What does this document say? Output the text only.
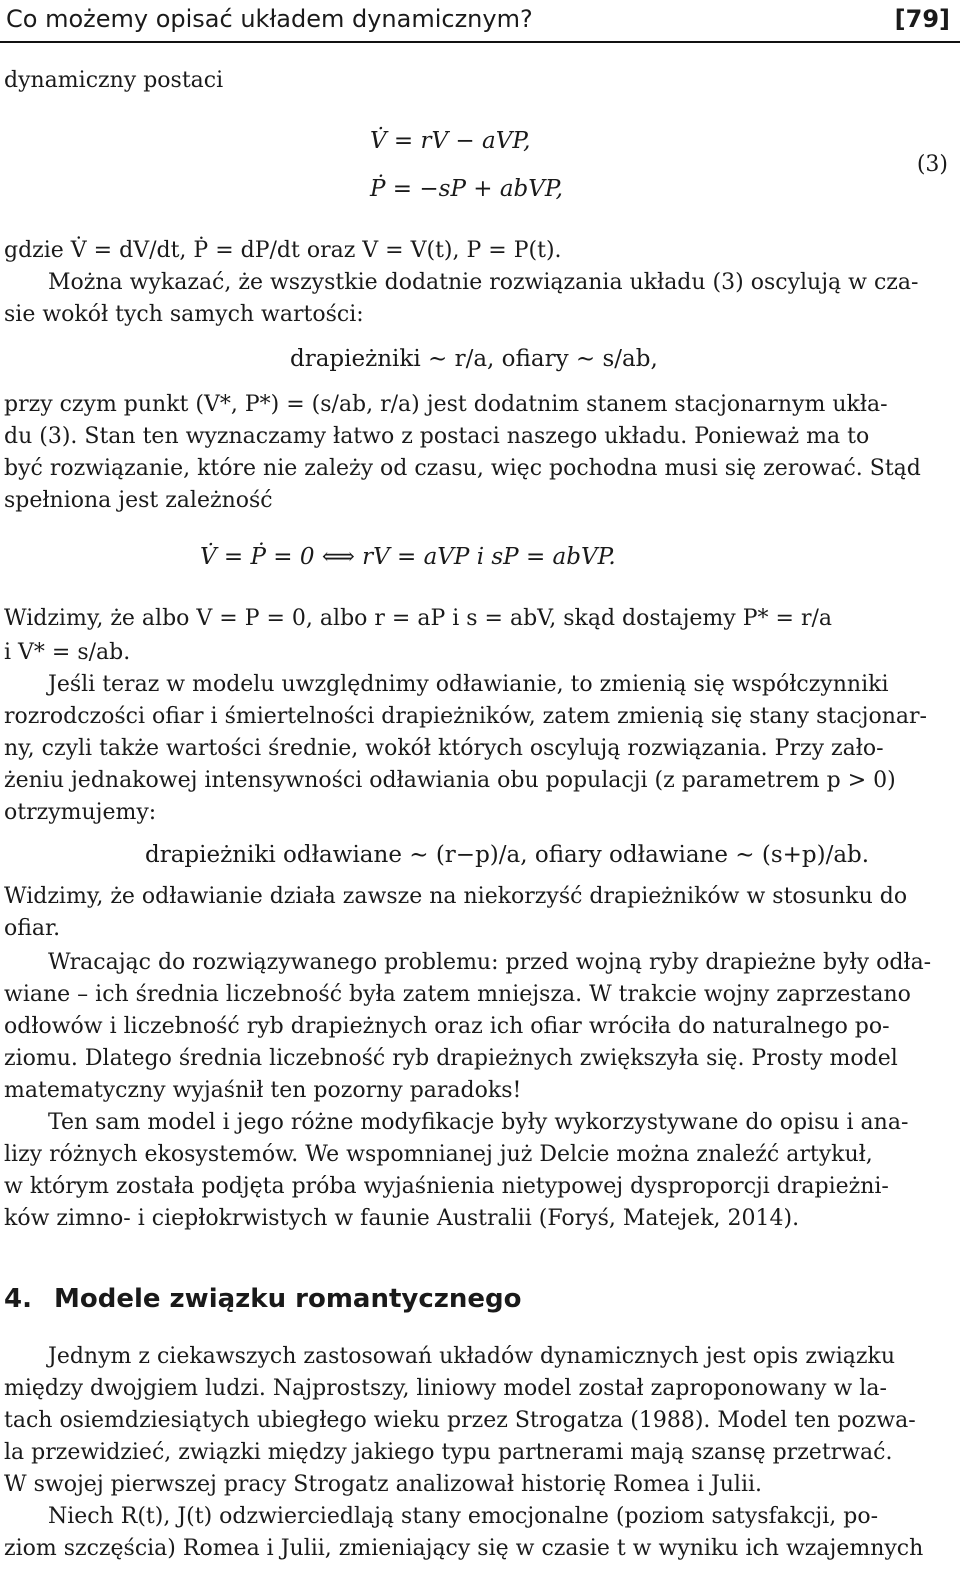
Co możemy opisać układem dynamicznym?	[79]
dynamiczny postaci
V̇ = rV − aVP,
Ṗ = −sP + abVP,
(3)
gdzie V̇ = dV/dt, Ṗ = dP/dt oraz V = V(t), P = P(t).
Można wykazać, że wszystkie dodatnie rozwiązania układu (3) oscylują w cza-
sie wokół tych samych wartości:
drapieżniki ∼ r/a, ofiary ∼ s/ab,
przy czym punkt (V*, P*) = (s/ab, r/a) jest dodatnim stanem stacjonarnym ukła-
du (3). Stan ten wyznaczamy łatwo z postaci naszego układu. Ponieważ ma to
być rozwiązanie, które nie zależy od czasu, więc pochodna musi się zerować. Stąd
spełniona jest zależność
V̇ = Ṗ = 0 ⟺ rV = aVP i sP = abVP.
Widzimy, że albo V = P = 0, albo r = aP i s = abV, skąd dostajemy P* = r/a
i V* = s/ab.
Jeśli teraz w modelu uwzględnimy odławianie, to zmienią się współczynniki
rozrodczości ofiar i śmiertelności drapieżników, zatem zmienią się stany stacjonar-
ny, czyli także wartości średnie, wokół których oscylują rozwiązania. Przy zało-
żeniu jednakowej intensywności odławiania obu populacji (z parametrem p > 0)
otrzymujemy:
drapieżniki odławiane ∼ (r−p)/a, ofiary odławiane ∼ (s+p)/ab.
Widzimy, że odławianie działa zawsze na niekorzyść drapieżników w stosunku do
ofiar.
Wracając do rozwiązywanego problemu: przed wojną ryby drapieżne były odła-
wiane – ich średnia liczebność była zatem mniejsza. W trakcie wojny zaprzestano
odłowów i liczebność ryb drapieżnych oraz ich ofiar wróciła do naturalnego po-
ziomu. Dlatego średnia liczebność ryb drapieżnych zwiększyła się. Prosty model
matematyczny wyjaśnił ten pozorny paradoks!
Ten sam model i jego różne modyfikacje były wykorzystywane do opisu i ana-
lizy różnych ekosystemów. We wspomnianej już Delcie można znaleźć artykuł,
w którym została podjęta próba wyjaśnienia nietypowej dysproporcji drapieżni-
ków zimno- i ciepłokrwistych w faunie Australii (Foryś, Matejek, 2014).
4. Modele związku romantycznego
Jednym z ciekawszych zastosowań układów dynamicznych jest opis związku
między dwojgiem ludzi. Najprostszy, liniowy model został zaproponowany w la-
tach osiemdziesiątych ubiegłego wieku przez Strogatza (1988). Model ten pozwa-
la przewidzieć, związki między jakiego typu partnerami mają szansę przetrwać.
W swojej pierwszej pracy Strogatz analizował historię Romea i Julii.
Niech R(t), J(t) odzwierciedlają stany emocjonalne (poziom satysfakcji, po-
ziom szczęścia) Romea i Julii, zmieniający się w czasie t w wyniku ich wzajemnych
